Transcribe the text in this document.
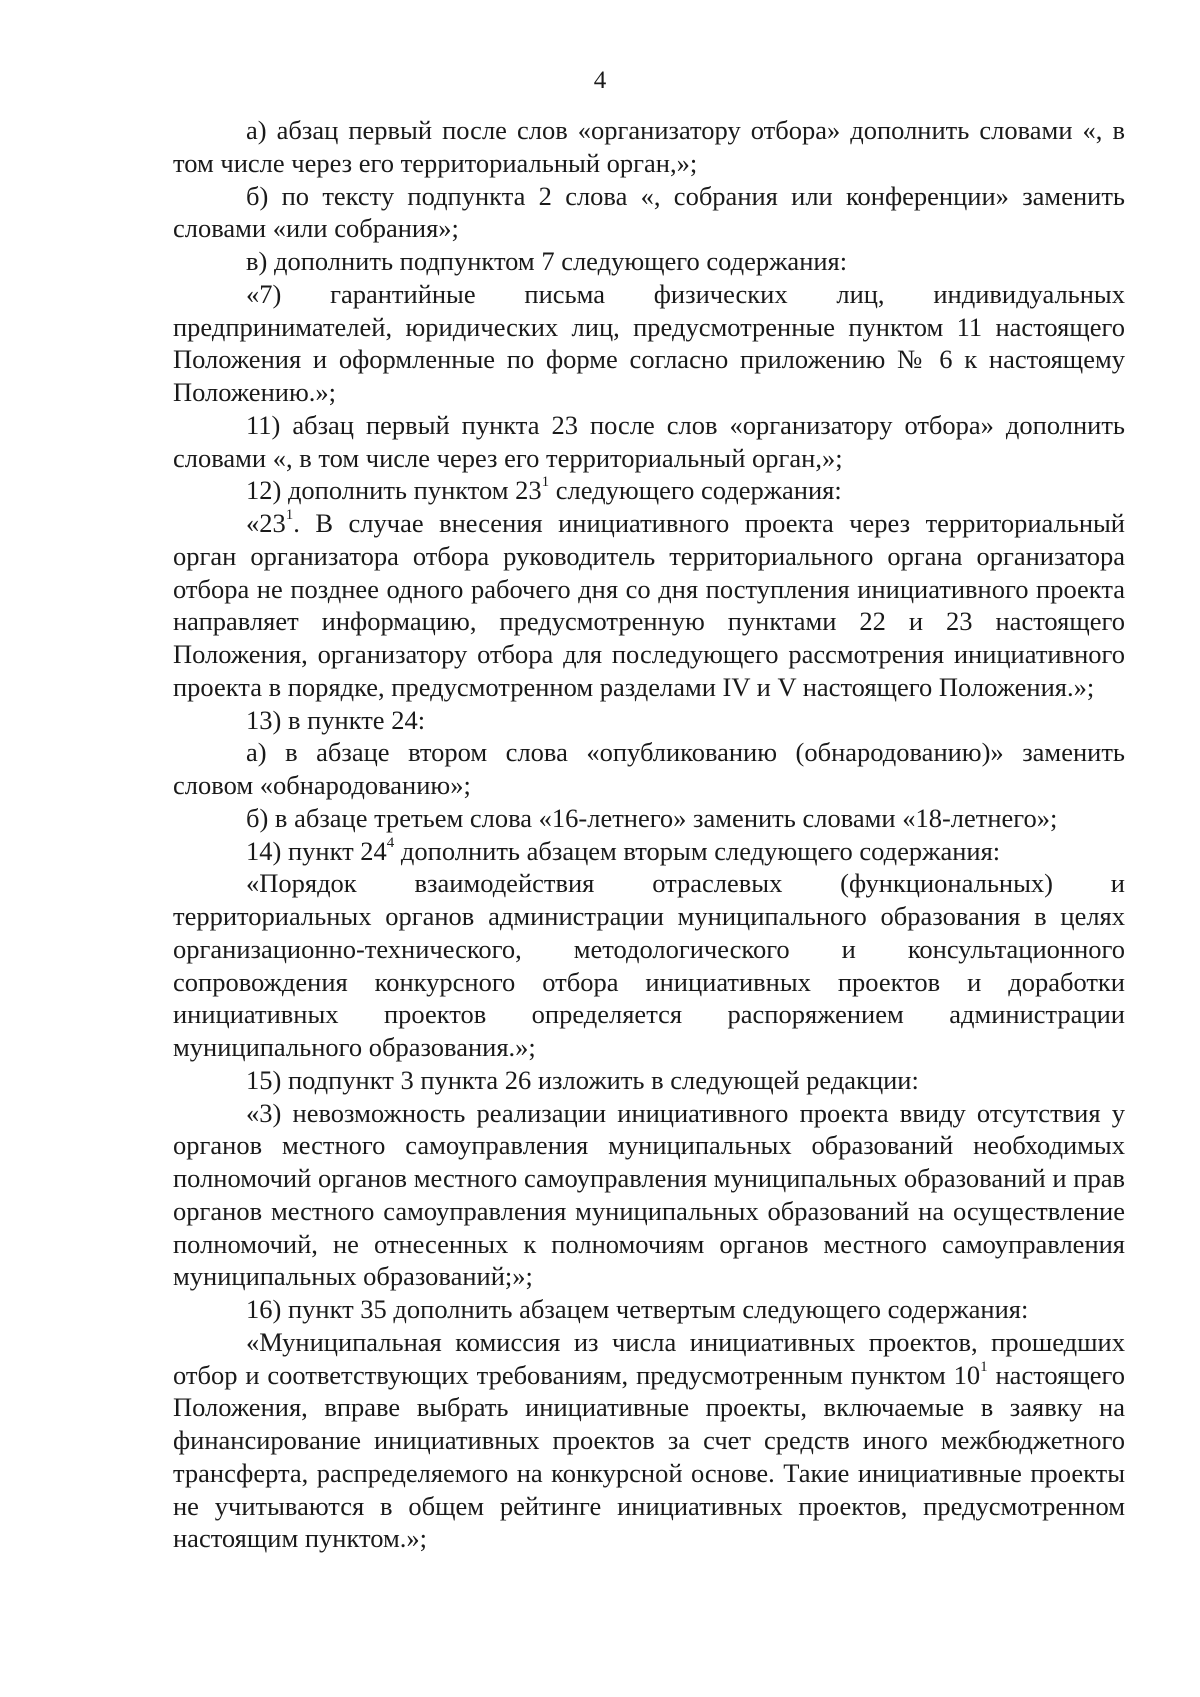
4

а) абзац первый после слов «организатору отбора» дополнить словами «, в том числе через его территориальный орган,»;

б) по тексту подпункта 2 слова «, собрания или конференции» заменить словами «или собрания»;

в) дополнить подпунктом 7 следующего содержания:

«7) гарантийные письма физических лиц, индивидуальных предпринимателей, юридических лиц, предусмотренные пунктом 11 настоящего Положения и оформленные по форме согласно приложению № 6 к настоящему Положению.»;

11) абзац первый пункта 23 после слов «организатору отбора» дополнить словами «, в том числе через его территориальный орган,»;

12) дополнить пунктом $23^1$ следующего содержания:

«$23^1$. В случае внесения инициативного проекта через территориальный орган организатора отбора руководитель территориального органа организатора отбора не позднее одного рабочего дня со дня поступления инициативного проекта направляет информацию, предусмотренную пунктами 22 и 23 настоящего Положения, организатору отбора для последующего рассмотрения инициативного проекта в порядке, предусмотренном разделами IV и V настоящего Положения.»;

13) в пункте 24:

а) в абзаце втором слова «опубликованию (обнародованию)» заменить словом «обнародованию»;

б) в абзаце третьем слова «16-летнего» заменить словами «18-летнего»;

14) пункт $24^4$ дополнить абзацем вторым следующего содержания:

«Порядок взаимодействия отраслевых (функциональных) и территориальных органов администрации муниципального образования в целях организационно-технического, методологического и консультационного сопровождения конкурсного отбора инициативных проектов и доработки инициативных проектов определяется распоряжением администрации муниципального образования.»;

15) подпункт 3 пункта 26 изложить в следующей редакции:

«3) невозможность реализации инициативного проекта ввиду отсутствия у органов местного самоуправления муниципальных образований необходимых полномочий органов местного самоуправления муниципальных образований и прав органов местного самоуправления муниципальных образований на осуществление полномочий, не отнесенных к полномочиям органов местного самоуправления муниципальных образований;»;

16) пункт 35 дополнить абзацем четвертым следующего содержания:

«Муниципальная комиссия из числа инициативных проектов, прошедших отбор и соответствующих требованиям, предусмотренным пунктом $10^1$ настоящего Положения, вправе выбрать инициативные проекты, включаемые в заявку на финансирование инициативных проектов за счет средств иного межбюджетного трансферта, распределяемого на конкурсной основе. Такие инициативные проекты не учитываются в общем рейтинге инициативных проектов, предусмотренном настоящим пунктом.»;
